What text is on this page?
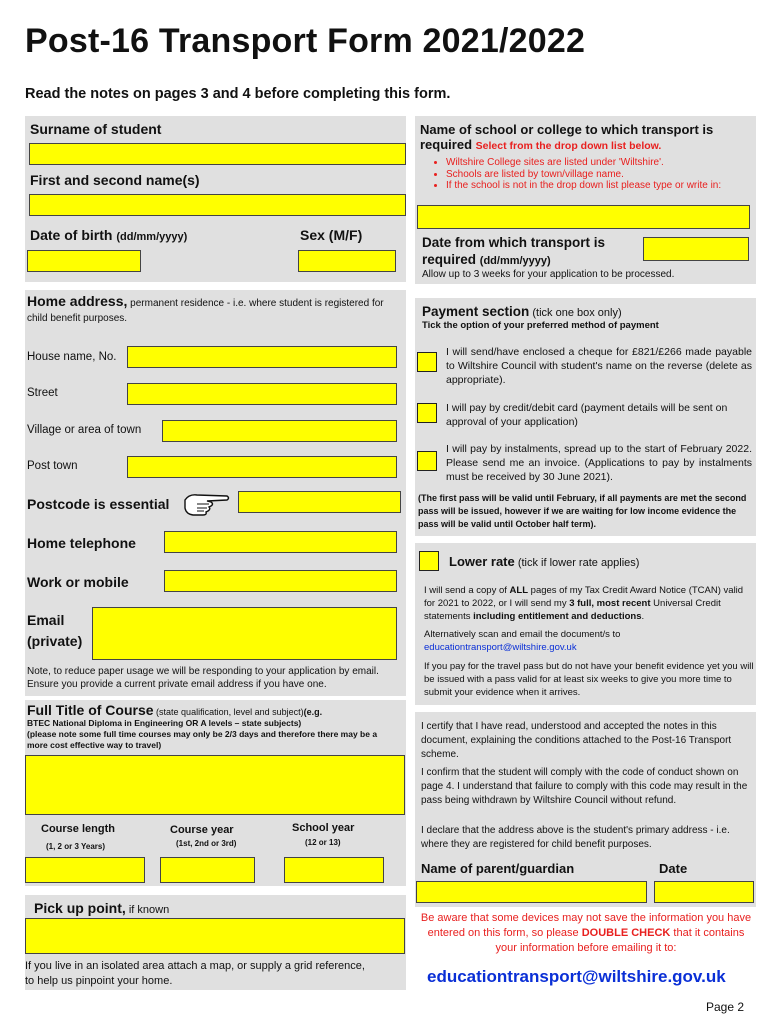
Post-16 Transport Form 2021/2022
Read the notes on pages 3 and 4 before completing this form.
Surname of student
First and second name(s)
Date of birth (dd/mm/yyyy)	Sex (M/F)
Home address, permanent residence - i.e. where student is registered for child benefit purposes.
House name, No.
Street
Village or area of town
Post town
Postcode is essential
Home telephone
Work or mobile
Email
(private)
Note, to reduce paper usage we will be responding to your application by email. Ensure you provide a current private email address if you have one.
Full Title of Course (state qualification, level and subject)(e.g.
BTEC National Diploma in Engineering OR A levels – state subjects)
(please note some full time courses may only be 2/3 days and therefore there may be a more cost effective way to travel)
Course length
(1, 2 or 3 Years)
Course year
(1st, 2nd or 3rd)
School year
(12 or 13)
Pick up point, if known
If you live in an isolated area attach a map, or supply a grid reference, to help us pinpoint your home.
Name of school or college to which transport is required Select from the drop down list below.
• Wiltshire College sites are listed under 'Wiltshire'.
• Schools are listed by town/village name.
• If the school is not in the drop down list please type or write in:
Date from which transport is required (dd/mm/yyyy)
Allow up to 3 weeks for your application to be processed.
Payment section (tick one box only)
Tick the option of your preferred method of payment
I will send/have enclosed a cheque for £821/£266 made payable to Wiltshire Council with student's name on the reverse (delete as appropriate).
I will pay by credit/debit card (payment details will be sent on approval of your application)
I will pay by instalments, spread up to the start of February 2022. Please send me an invoice. (Applications to pay by instalments must be received by 30 June 2021).
(The first pass will be valid until February, if all payments are met the second pass will be issued, however if we are waiting for low income evidence the pass will be valid until October half term).
Lower rate (tick if lower rate applies)
I will send a copy of ALL pages of my Tax Credit Award Notice (TCAN) valid for 2021 to 2022, or I will send my 3 full, most recent Universal Credit statements including entitlement and deductions.
Alternatively scan and email the document/s to
educationtransport@wiltshire.gov.uk
If you pay for the travel pass but do not have your benefit evidence yet you will be issued with a pass valid for at least six weeks to give you more time to submit your evidence when it arrives.
I certify that I have read, understood and accepted the notes in this document, explaining the conditions attached to the Post-16 Transport scheme.
I confirm that the student will comply with the code of conduct shown on page 4. I understand that failure to comply with this code may result in the pass being withdrawn by Wiltshire Council without refund.
I declare that the address above is the student's primary address - i.e. where they are registered for child benefit purposes.
Name of parent/guardian	Date
Be aware that some devices may not save the information you have entered on this form, so please DOUBLE CHECK that it contains your information before emailing it to:
educationtransport@wiltshire.gov.uk
Page 2
